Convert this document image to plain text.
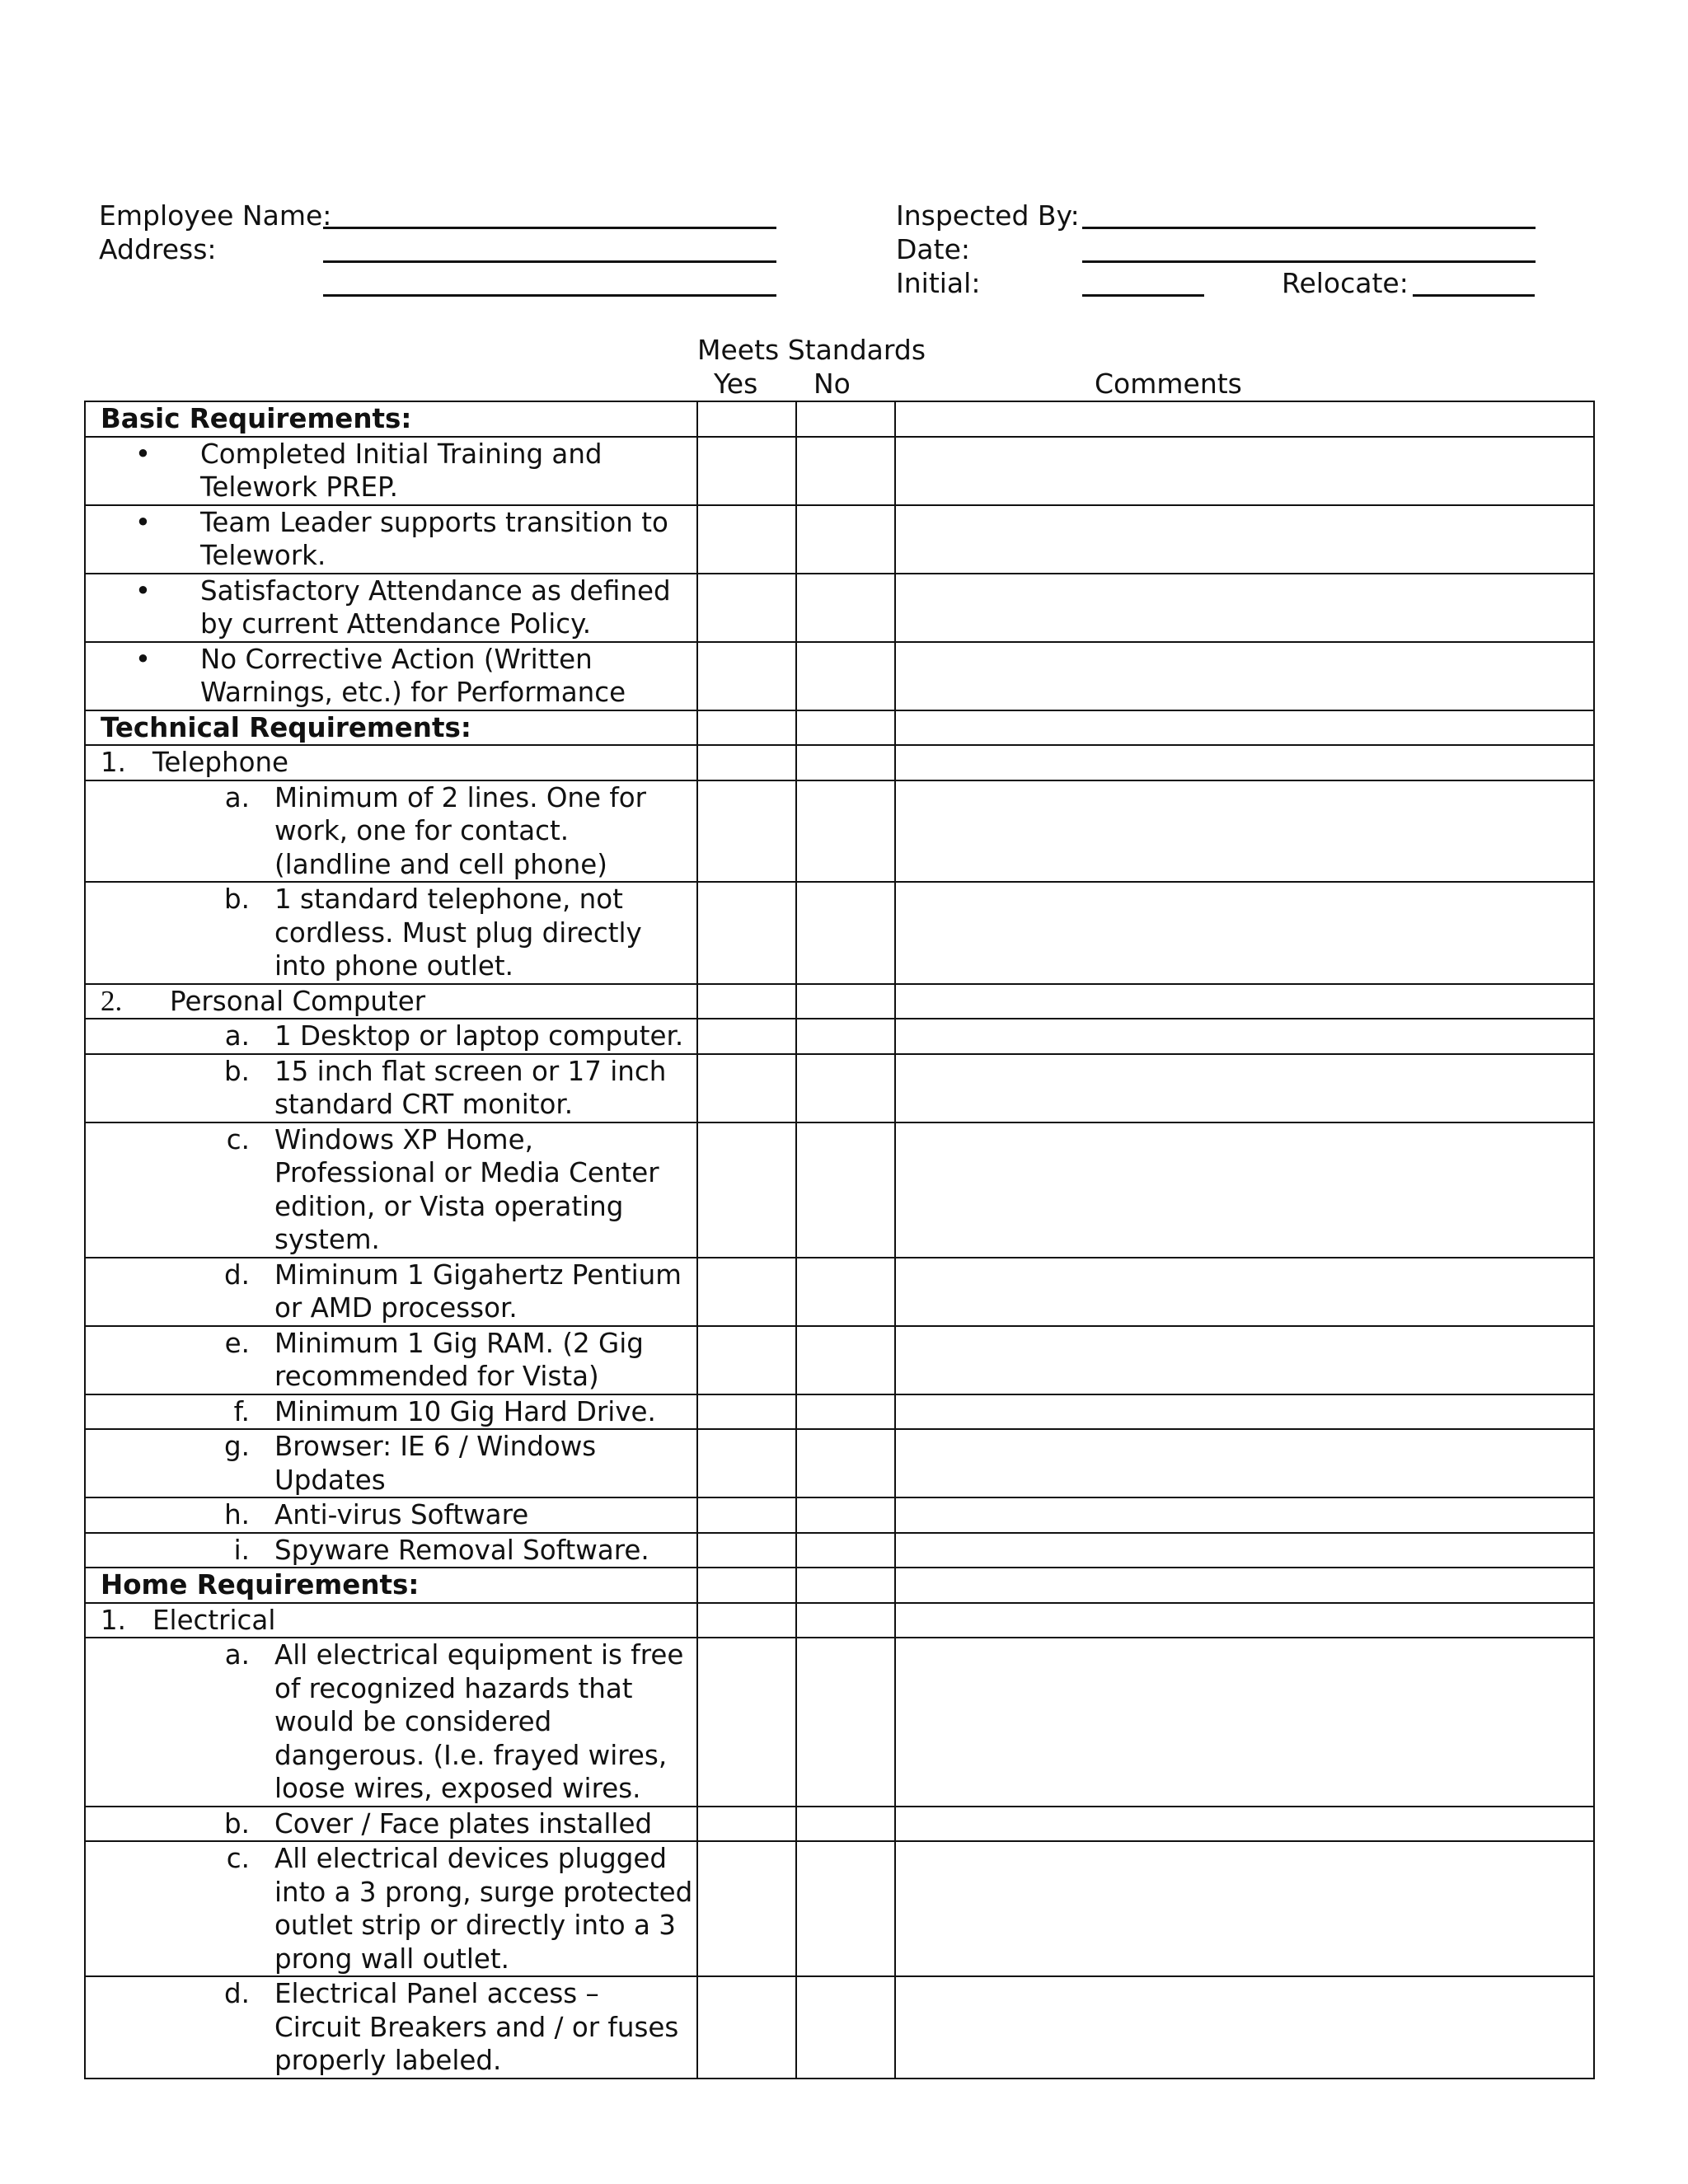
Employee Name:
Address:
Inspected By:
Date:
Initial:	Relocate:
Meets Standards
Yes No	Comments
Basic Requirements:			

• Completed Initial Training and Telework PREP.			

• Team Leader supports transition to Telework.			

• Satisfactory Attendance as defined by current Attendance Policy.			

• No Corrective Action (Written Warnings, etc.) for Performance			

Technical Requirements:			

1. Telephone			

a. Minimum of 2 lines. One for work, one for contact. (landline and cell phone)			

b. 1 standard telephone, not cordless. Must plug directly into phone outlet.			

2. Personal Computer			

a. 1 Desktop or laptop computer.			

b. 15 inch flat screen or 17 inch standard CRT monitor.			

c. Windows XP Home, Professional or Media Center edition, or Vista operating system.			

d. Miminum 1 Gigahertz Pentium or AMD processor.			

e. Minimum 1 Gig RAM. (2 Gig recommended for Vista)			

f. Minimum 10 Gig Hard Drive.			

g. Browser: IE 6 / Windows Updates			

h. Anti-virus Software			

i. Spyware Removal Software.			

Home Requirements:			

1. Electrical			

a. All electrical equipment is free of recognized hazards that would be considered dangerous. (I.e. frayed wires, loose wires, exposed wires.			

b. Cover / Face plates installed			

c. All electrical devices plugged into a 3 prong, surge protected outlet strip or directly into a 3 prong wall outlet.			

d. Electrical Panel access – Circuit Breakers and / or fuses properly labeled.			
